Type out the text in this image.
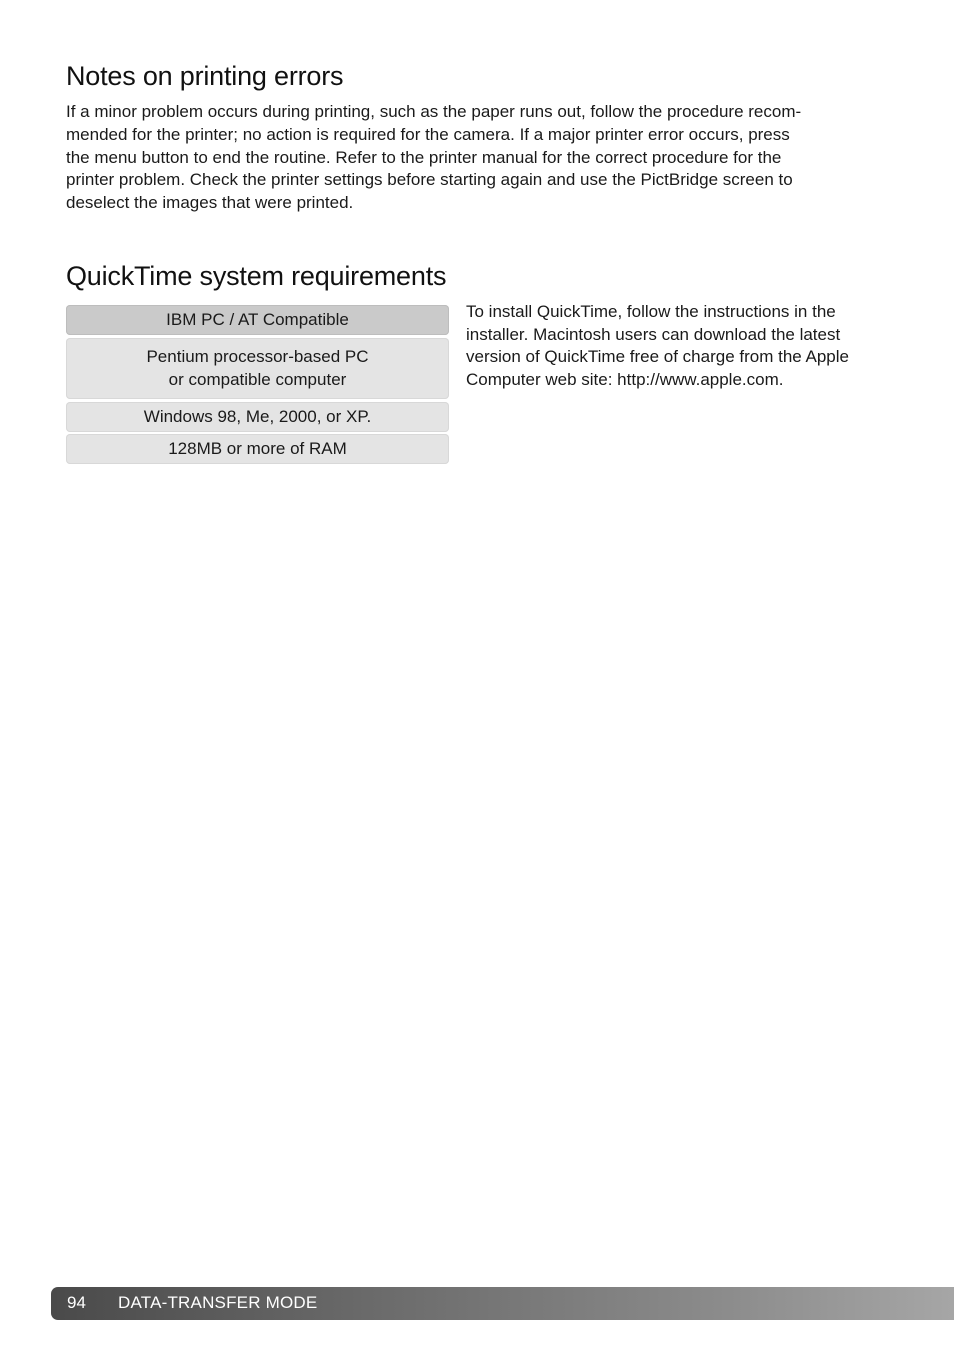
Notes on printing errors

If a minor problem occurs during printing, such as the paper runs out, follow the procedure recom-
mended for the printer; no action is required for the camera. If a major printer error occurs, press
the menu button to end the routine. Refer to the printer manual for the correct procedure for the
printer problem. Check the printer settings before starting again and use the PictBridge screen to
deselect the images that were printed.

QuickTime system requirements
IBM PC / AT Compatible
Pentium processor-based PC
or compatible computer
Windows 98, Me, 2000, or XP.
128MB or more of RAM

To install QuickTime, follow the instructions in the
installer. Macintosh users can download the latest
version of QuickTime free of charge from the Apple
Computer web site: http://www.apple.com.

94 DATA-TRANSFER MODE
